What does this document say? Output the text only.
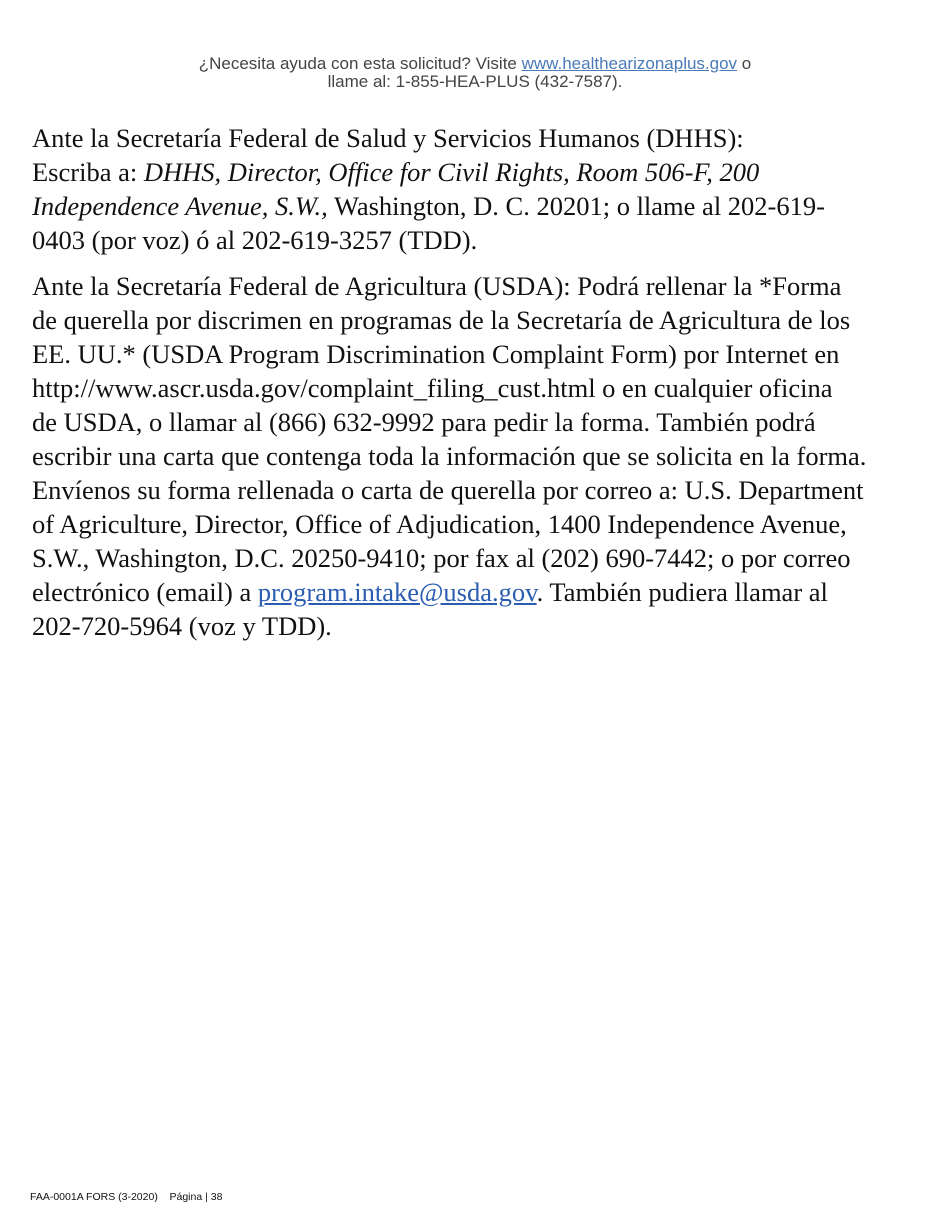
¿Necesita ayuda con esta solicitud? Visite www.healthearizonaplus.gov o
llame al: 1-855-HEA-PLUS (432-7587).
Ante la Secretaría Federal de Salud y Servicios Humanos (DHHS):
Escriba a: DHHS, Director, Office for Civil Rights, Room 506-F, 200
Independence Avenue, S.W., Washington, D. C. 20201; o llame al 202-619-
0403 (por voz) ó al 202-619-3257 (TDD).
Ante la Secretaría Federal de Agricultura (USDA): Podrá rellenar la *Forma
de querella por discrimen en programas de la Secretaría de Agricultura de los
EE. UU.* (USDA Program Discrimination Complaint Form) por Internet en
http://www.ascr.usda.gov/complaint_filing_cust.html o en cualquier oficina
de USDA, o llamar al (866) 632-9992 para pedir la forma. También podrá
escribir una carta que contenga toda la información que se solicita en la forma.
Envíenos su forma rellenada o carta de querella por correo a: U.S. Department
of Agriculture, Director, Office of Adjudication, 1400 Independence Avenue,
S.W., Washington, D.C. 20250-9410; por fax al (202) 690-7442; o por correo
electrónico (email) a program.intake@usda.gov. También pudiera llamar al
202-720-5964 (voz y TDD).
FAA-0001A FORS (3-2020) Página | 38
